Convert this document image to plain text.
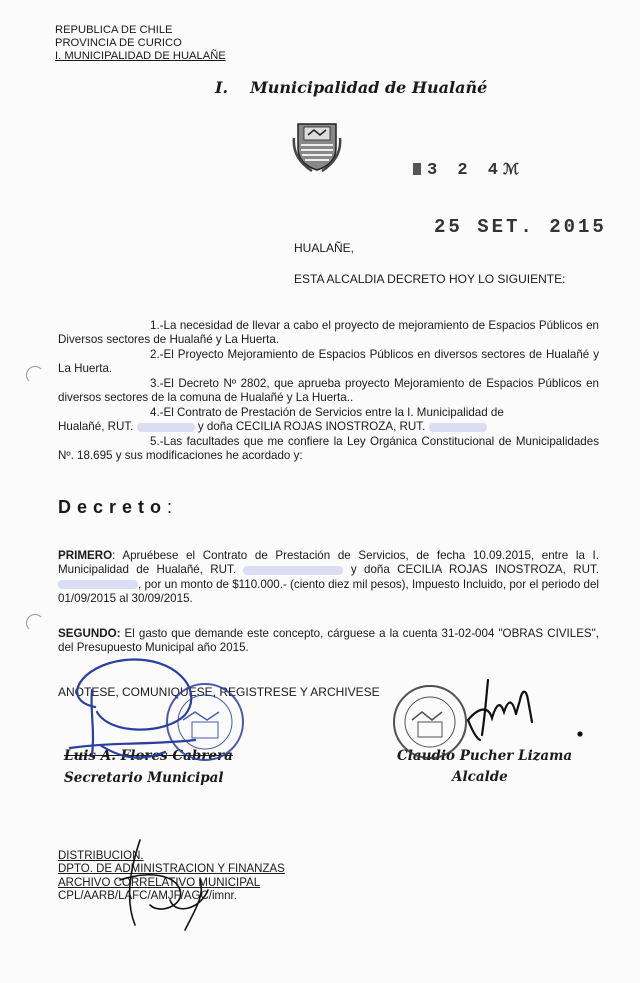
REPUBLICA DE CHILE
PROVINCIA DE CURICO
I. MUNICIPALIDAD DE HUALAÑE
I. Municipalidad de Hualañé
3 2 4ℳ
25 SET. 2015
HUALAÑE,
ESTA ALCALDIA DECRETO HOY LO SIGUIENTE:
1.-La necesidad de llevar a cabo el proyecto de mejoramiento de Espacios Públicos en Diversos sectores de Hualañé y La Huerta.
2.-El Proyecto Mejoramiento de Espacios Públicos en diversos sectores de Hualañé y La Huerta.
3.-El Decreto Nº 2802, que aprueba proyecto Mejoramiento de Espacios Públicos en diversos sectores de la comuna de Hualañé y La Huerta..
4.-El Contrato de Prestación de Servicios entre la I. Municipalidad de
Hualañé, RUT.	y doña CECILIA ROJAS INOSTROZA, RUT.
5.-Las facultades que me confiere la Ley Orgánica Constitucional de Municipalidades Nº. 18.695 y sus modificaciones he acordado y:
Decreto:
PRIMERO: Apruébese el Contrato de Prestación de Servicios, de fecha 10.09.2015, entre la I. Municipalidad de Hualañé, RUT.	y doña CECILIA ROJAS INOSTROZA, RUT. , por un monto de $110.000.- (ciento diez mil pesos), Impuesto Incluido, por el periodo del 01/09/2015 al 30/09/2015.
SEGUNDO: El gasto que demande este concepto, cárguese a la cuenta 31-02-004 "OBRAS CIVILES", del Presupuesto Municipal año 2015.
ANOTESE, COMUNIQUESE, REGISTRESE Y ARCHIVESE
Luis A. Flores Cabrera
Secretario Municipal
Claudio Pucher Lizama
Alcalde
DISTRIBUCION.
DPTO. DE ADMINISTRACION Y FINANZAS
ARCHIVO CORRELATIVO MUNICIPAL
CPL/AARB/LAFC/AMJF/AGC/imnr.
